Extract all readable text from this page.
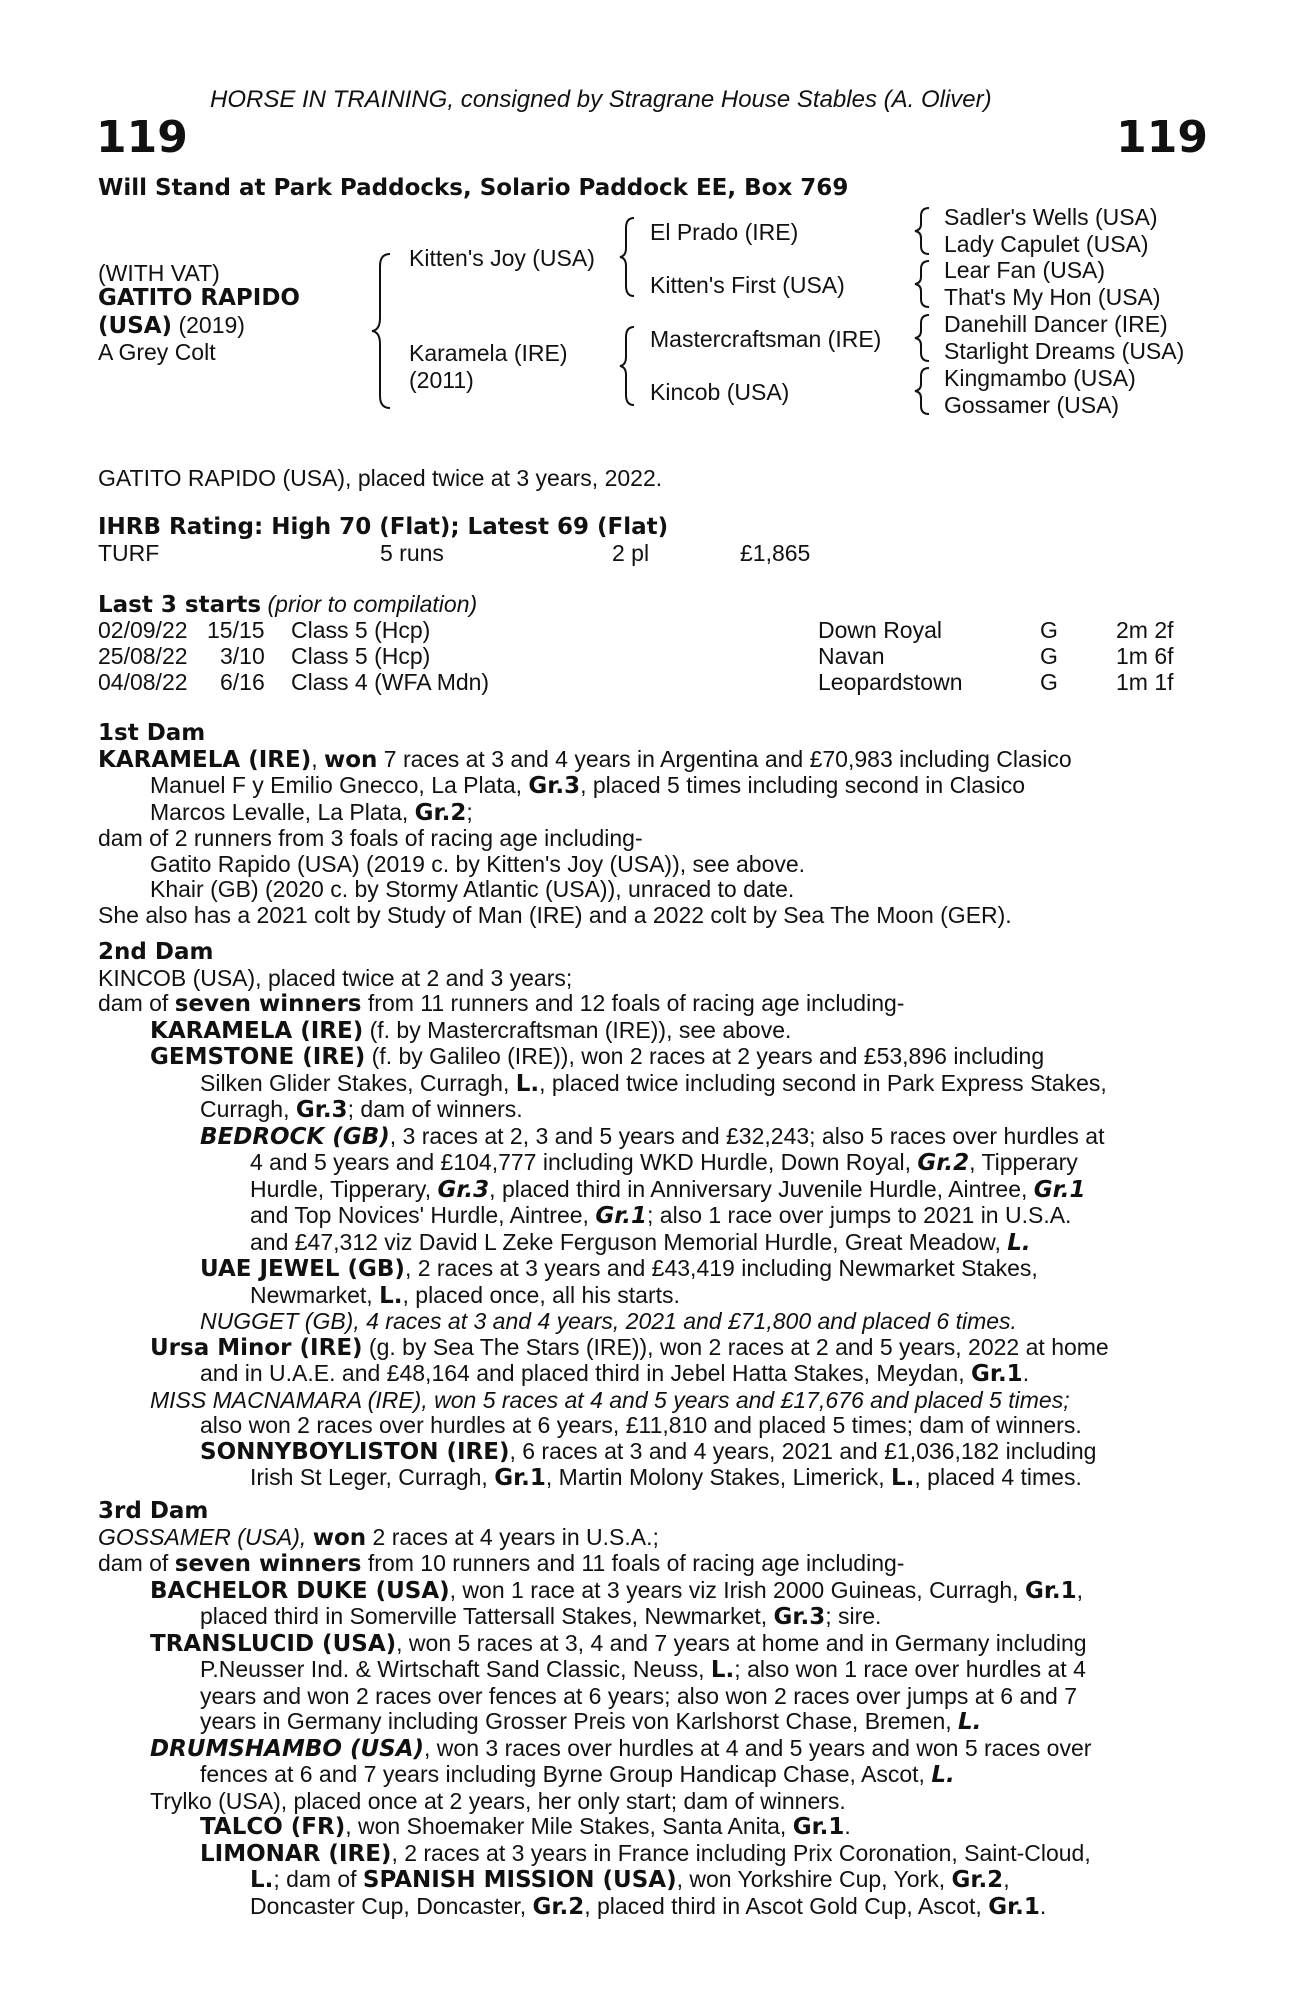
HORSE IN TRAINING, consigned by Stragrane House Stables (A. Oliver)
119	119
Will Stand at Park Paddocks, Solario Paddock EE, Box 769
(WITH VAT)
GATITO RAPIDO
(USA) (2019)
A Grey Colt
Kitten's Joy (USA)
Karamela (IRE)
(2011)
El Prado (IRE)
Kitten's First (USA)
Mastercraftsman (IRE)
Kincob (USA)
Sadler's Wells (USA)
Lady Capulet (USA)
Lear Fan (USA)
That's My Hon (USA)
Danehill Dancer (IRE)
Starlight Dreams (USA)
Kingmambo (USA)
Gossamer (USA)
GATITO RAPIDO (USA), placed twice at 3 years, 2022.
IHRB Rating: High 70 (Flat); Latest 69 (Flat)
TURF	5 runs	2 pl	£1,865
Last 3 starts (prior to compilation)
02/09/22 15/15 Class 5 (Hcp)	Down Royal	G	2m 2f
25/08/22 3/10 Class 5 (Hcp)	Navan	G	1m 6f
04/08/22 6/16 Class 4 (WFA Mdn)	Leopardstown	G	1m 1f
1st Dam
KARAMELA (IRE), won 7 races at 3 and 4 years in Argentina and £70,983 including Clasico
Manuel F y Emilio Gnecco, La Plata, Gr.3, placed 5 times including second in Clasico
Marcos Levalle, La Plata, Gr.2;
dam of 2 runners from 3 foals of racing age including-
Gatito Rapido (USA) (2019 c. by Kitten's Joy (USA)), see above.
Khair (GB) (2020 c. by Stormy Atlantic (USA)), unraced to date.
She also has a 2021 colt by Study of Man (IRE) and a 2022 colt by Sea The Moon (GER).
2nd Dam
KINCOB (USA), placed twice at 2 and 3 years;
dam of seven winners from 11 runners and 12 foals of racing age including-
KARAMELA (IRE) (f. by Mastercraftsman (IRE)), see above.
GEMSTONE (IRE) (f. by Galileo (IRE)), won 2 races at 2 years and £53,896 including
Silken Glider Stakes, Curragh, L., placed twice including second in Park Express Stakes,
Curragh, Gr.3; dam of winners.
BEDROCK (GB), 3 races at 2, 3 and 5 years and £32,243; also 5 races over hurdles at
4 and 5 years and £104,777 including WKD Hurdle, Down Royal, Gr.2, Tipperary
Hurdle, Tipperary, Gr.3, placed third in Anniversary Juvenile Hurdle, Aintree, Gr.1
and Top Novices' Hurdle, Aintree, Gr.1; also 1 race over jumps to 2021 in U.S.A.
and £47,312 viz David L Zeke Ferguson Memorial Hurdle, Great Meadow, L.
UAE JEWEL (GB), 2 races at 3 years and £43,419 including Newmarket Stakes,
Newmarket, L., placed once, all his starts.
NUGGET (GB), 4 races at 3 and 4 years, 2021 and £71,800 and placed 6 times.
Ursa Minor (IRE) (g. by Sea The Stars (IRE)), won 2 races at 2 and 5 years, 2022 at home
and in U.A.E. and £48,164 and placed third in Jebel Hatta Stakes, Meydan, Gr.1.
MISS MACNAMARA (IRE), won 5 races at 4 and 5 years and £17,676 and placed 5 times;
also won 2 races over hurdles at 6 years, £11,810 and placed 5 times; dam of winners.
SONNYBOYLISTON (IRE), 6 races at 3 and 4 years, 2021 and £1,036,182 including
Irish St Leger, Curragh, Gr.1, Martin Molony Stakes, Limerick, L., placed 4 times.
3rd Dam
GOSSAMER (USA), won 2 races at 4 years in U.S.A.;
dam of seven winners from 10 runners and 11 foals of racing age including-
BACHELOR DUKE (USA), won 1 race at 3 years viz Irish 2000 Guineas, Curragh, Gr.1,
placed third in Somerville Tattersall Stakes, Newmarket, Gr.3; sire.
TRANSLUCID (USA), won 5 races at 3, 4 and 7 years at home and in Germany including
P.Neusser Ind. & Wirtschaft Sand Classic, Neuss, L.; also won 1 race over hurdles at 4
years and won 2 races over fences at 6 years; also won 2 races over jumps at 6 and 7
years in Germany including Grosser Preis von Karlshorst Chase, Bremen, L.
DRUMSHAMBO (USA), won 3 races over hurdles at 4 and 5 years and won 5 races over
fences at 6 and 7 years including Byrne Group Handicap Chase, Ascot, L.
Trylko (USA), placed once at 2 years, her only start; dam of winners.
TALCO (FR), won Shoemaker Mile Stakes, Santa Anita, Gr.1.
LIMONAR (IRE), 2 races at 3 years in France including Prix Coronation, Saint-Cloud,
L.; dam of SPANISH MISSION (USA), won Yorkshire Cup, York, Gr.2,
Doncaster Cup, Doncaster, Gr.2, placed third in Ascot Gold Cup, Ascot, Gr.1.
